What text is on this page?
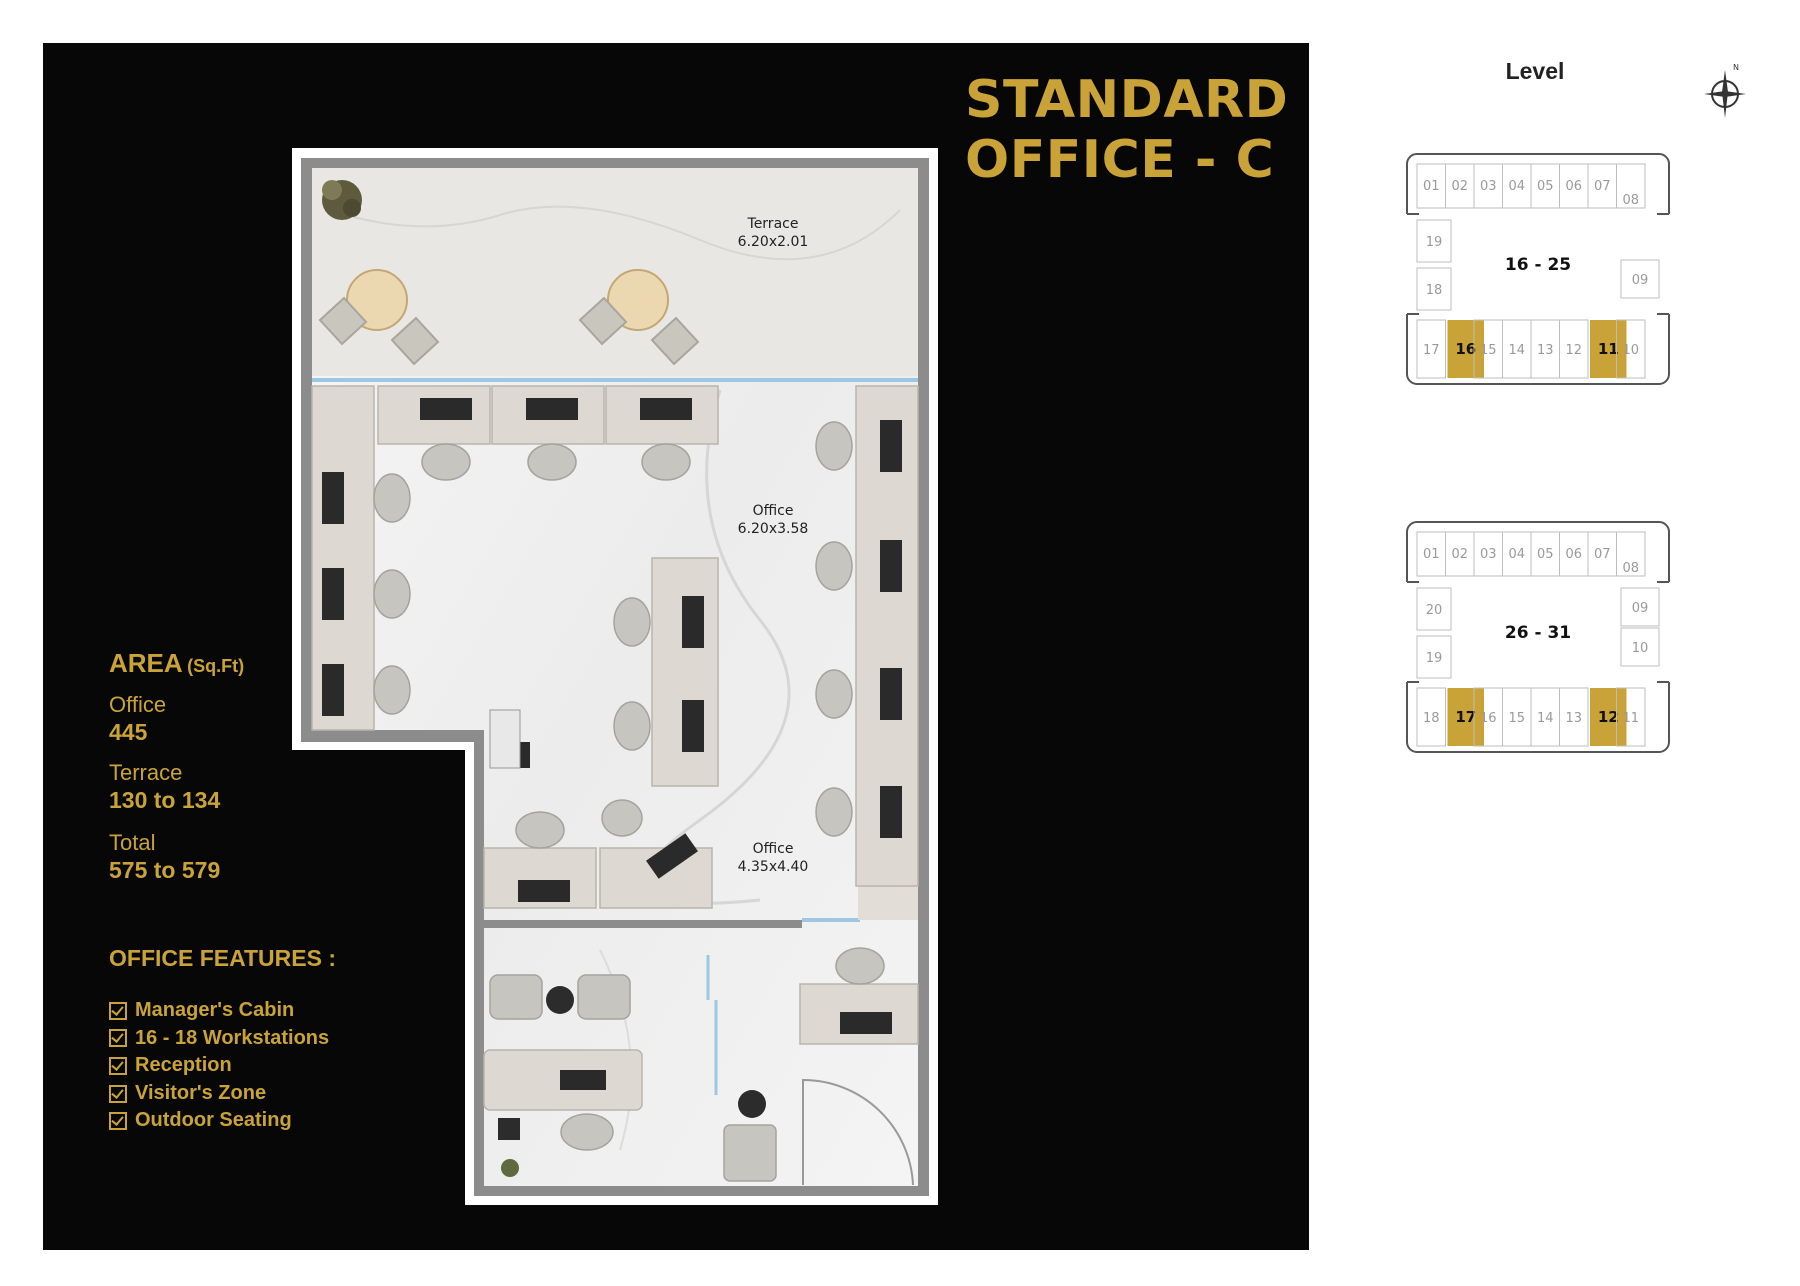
STANDARD
OFFICE - C
Terrace
6.20x2.01
Office
6.20x3.58
Office
4.35x4.40
AREA (Sq.Ft)
Office
445
Terrace
130 to 134
Total
575 to 579
OFFICE FEATURES :
Manager's Cabin
16 - 18 Workstations
Reception
Visitor's Zone
Outdoor Seating
Level	N
01 02 03 04 05 06 07
08
17 16 15 14 13 12 11 10
19
18
09
16 - 25
01 02 03 04 05 06 07
08
18 17 16 15 14 13 12 11
20
19
09
10
26 - 31
